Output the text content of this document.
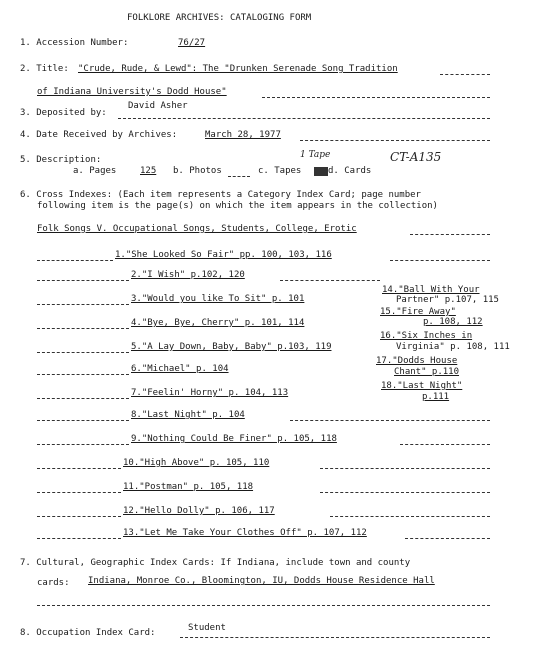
FOLKLORE ARCHIVES: CATALOGING FORM
1. Accession Number:	76/27
2. Title: "Crude, Rude, & Lewd": The "Drunken Serenade Song Tradition
of Indiana University's Dodd House"
3. Deposited by:
David Asher
4. Date Received by Archives:	March 28, 1977
5. Description:	1 Tape	CT-A135
a. Pages	125 b. Photos	c. Tapes	d. Cards
6. Cross Indexes: (Each item represents a Category Index Card; page number
following item is the page(s) on which the item appears in the collection)
Folk Songs V. Occupational Songs, Students, College, Erotic
1."She Looked So Fair" pp. 100, 103, 116
2."I Wish" p.102, 120
3."Would you like To Sit" p. 101
4."Bye, Bye, Cherry" p. 101, 114
5."A Lay Down, Baby, Baby" p.103, 119
6."Michael" p. 104
7."Feelin' Horny" p. 104, 113
8."Last Night" p. 104
9."Nothing Could Be Finer" p. 105, 118
10."High Above" p. 105, 110
11."Postman" p. 105, 118
12."Hello Dolly" p. 106, 117
13."Let Me Take Your Clothes Off" p. 107, 112
14."Ball With Your
Partner" p.107, 115
15."Fire Away"
p. 108, 112
16."Six Inches in
Virginia" p. 108, 111
17."Dodds House
Chant" p.110
18."Last Night"
p.111
7. Cultural, Geographic Index Cards: If Indiana, include town and county
cards: Indiana, Monroe Co., Bloomington, IU, Dodds House Residence Hall
8. Occupation Index Card:	Student
